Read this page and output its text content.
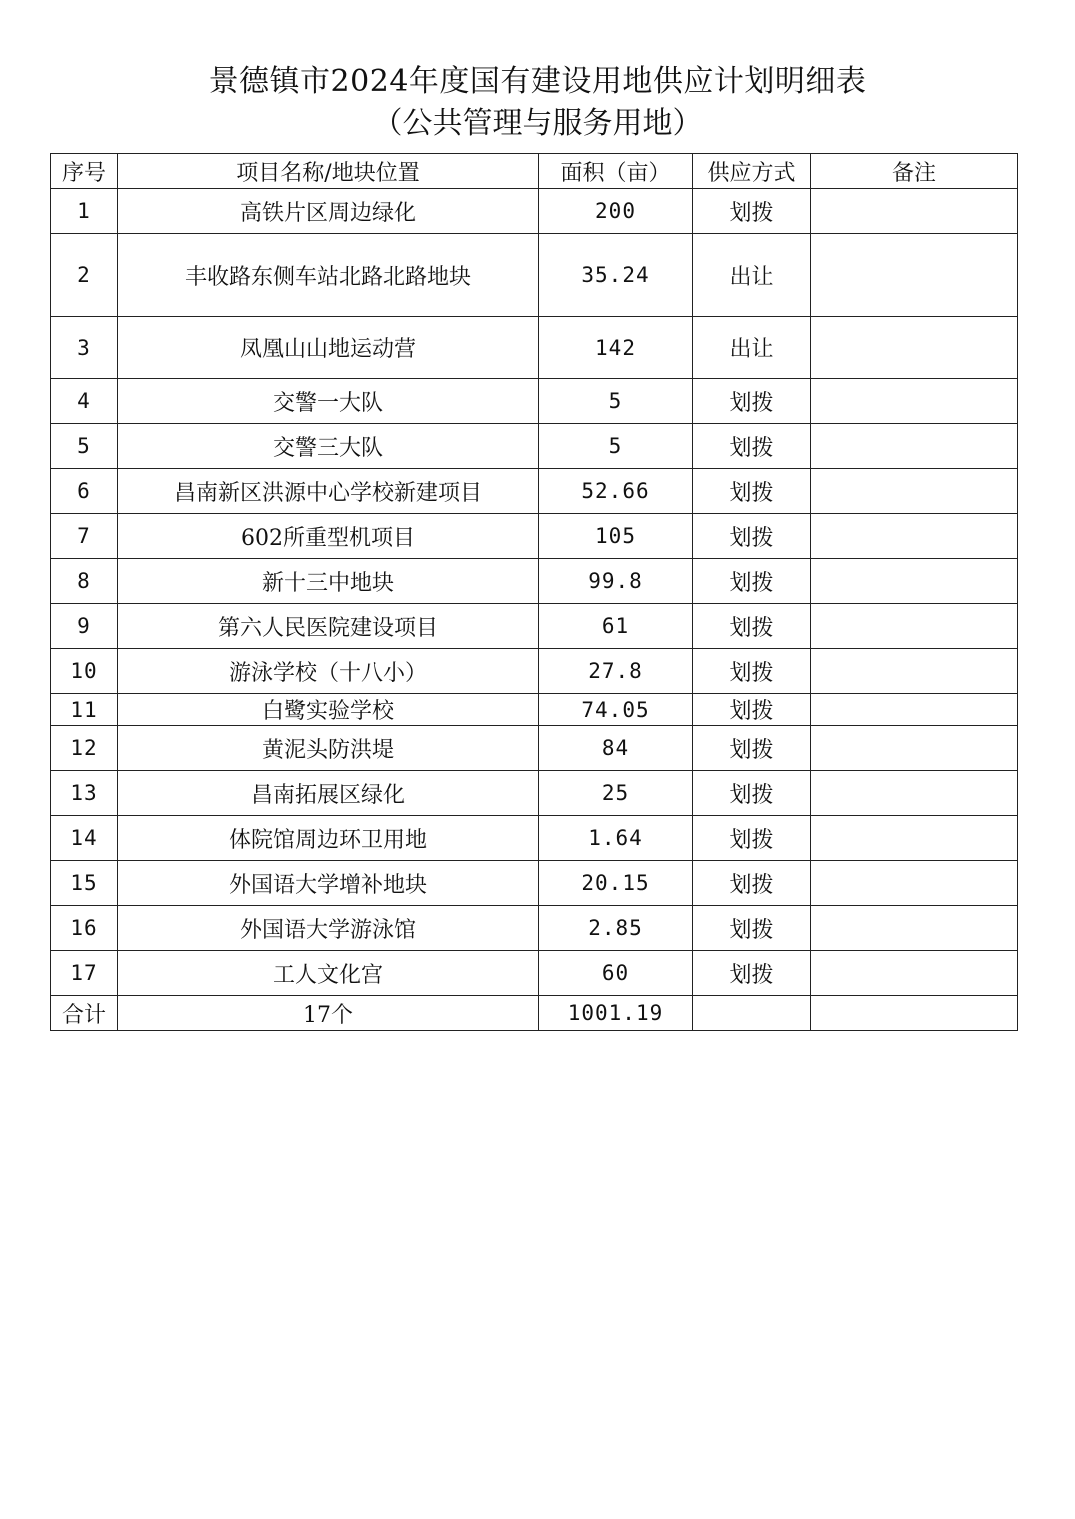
景德镇市2024年度国有建设用地供应计划明细表
（公共管理与服务用地）
序号	项目名称/地块位置	面积（亩）	供应方式	备注
1	高铁片区周边绿化	200	划拨	
2	丰收路东侧车站北路北路地块	35.24	出让	
3	凤凰山山地运动营	142	出让	
4	交警一大队	5	划拨	
5	交警三大队	5	划拨	
6	昌南新区洪源中心学校新建项目	52.66	划拨	
7	602所重型机项目	105	划拨	
8	新十三中地块	99.8	划拨	
9	第六人民医院建设项目	61	划拨	
10	游泳学校（十八小）	27.8	划拨	
11	白鹭实验学校	74.05	划拨	
12	黄泥头防洪堤	84	划拨	
13	昌南拓展区绿化	25	划拨	
14	体院馆周边环卫用地	1.64	划拨	
15	外国语大学增补地块	20.15	划拨	
16	外国语大学游泳馆	2.85	划拨	
17	工人文化宫	60	划拨	
合计	17个	1001.19		
